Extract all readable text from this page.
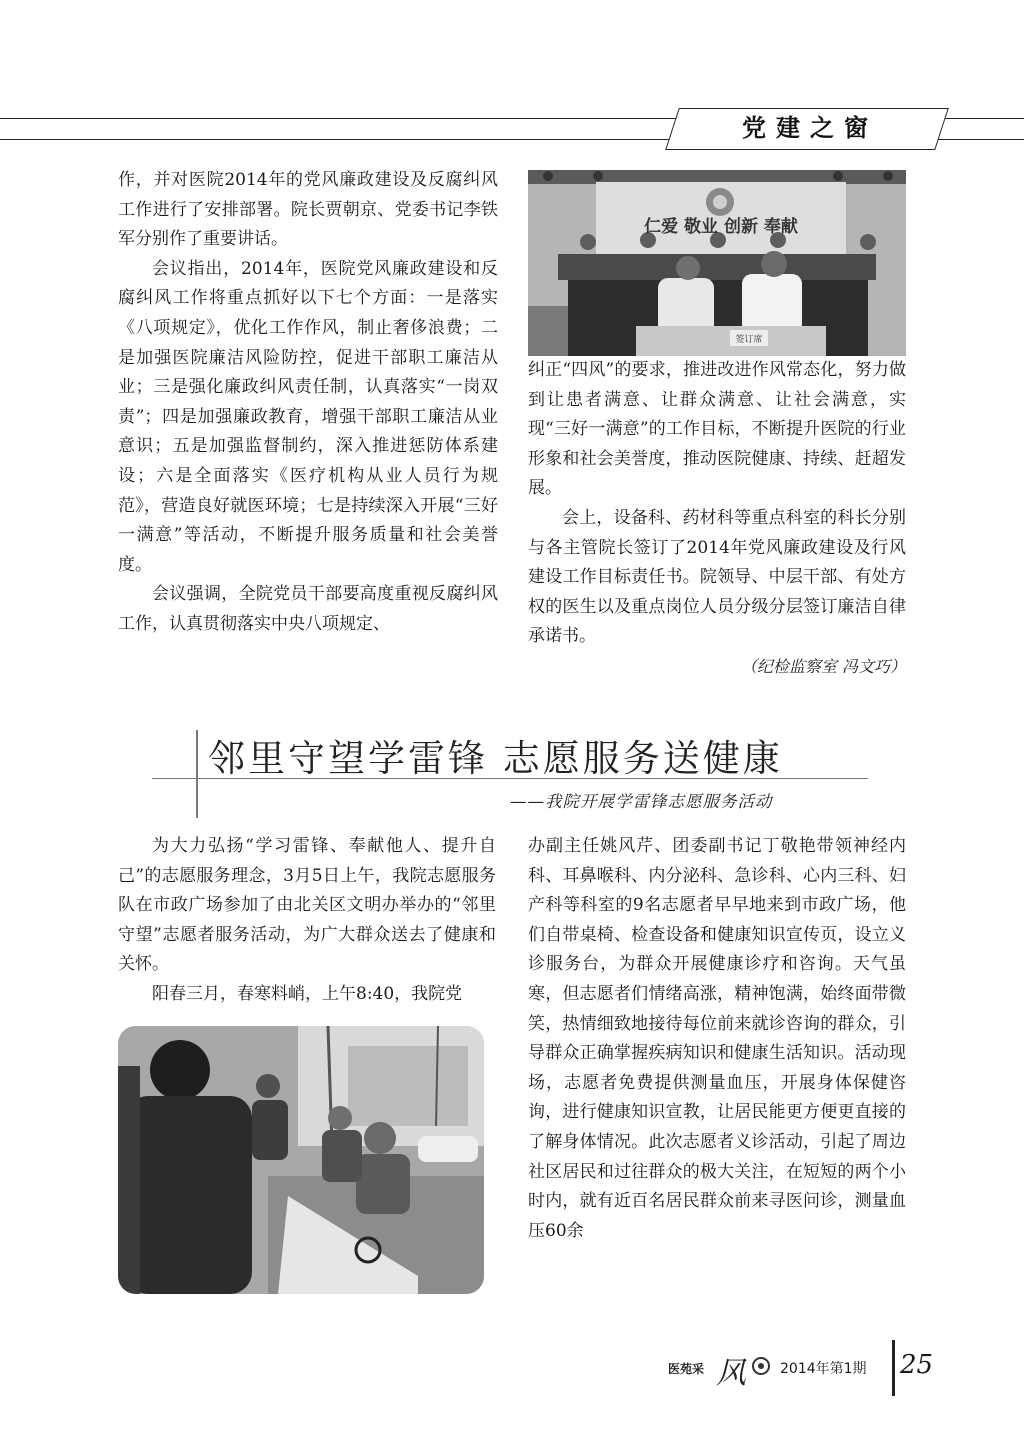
党建之窗

作，并对医院2014年的党风廉政建设及反腐纠风工作进行了安排部署。院长贾朝京、党委书记李铁军分别作了重要讲话。

会议指出，2014年，医院党风廉政建设和反腐纠风工作将重点抓好以下七个方面：一是落实《八项规定》，优化工作作风，制止奢侈浪费；二是加强医院廉洁风险防控，促进干部职工廉洁从业；三是强化廉政纠风责任制，认真落实“一岗双责”；四是加强廉政教育，增强干部职工廉洁从业意识；五是加强监督制约，深入推进惩防体系建设；六是全面落实《医疗机构从业人员行为规范》，营造良好就医环境；七是持续深入开展“三好一满意”等活动，不断提升服务质量和社会美誉度。

会议强调，全院党员干部要高度重视反腐纠风工作，认真贯彻落实中央八项规定、

仁爱 敬业 创新 奉献
签订席

纠正“四风”的要求，推进改进作风常态化，努力做到让患者满意、让群众满意、让社会满意，实现“三好一满意”的工作目标，不断提升医院的行业形象和社会美誉度，推动医院健康、持续、赶超发展。

会上，设备科、药材科等重点科室的科长分别与各主管院长签订了2014年党风廉政建设及行风建设工作目标责任书。院领导、中层干部、有处方权的医生以及重点岗位人员分级分层签订廉洁自律承诺书。

（纪检监察室 冯文巧）

邻里守望学雷锋 志愿服务送健康
——我院开展学雷锋志愿服务活动

为大力弘扬“学习雷锋、奉献他人、提升自己”的志愿服务理念，3月5日上午，我院志愿服务队在市政广场参加了由北关区文明办举办的“邻里守望”志愿者服务活动，为广大群众送去了健康和关怀。

阳春三月，春寒料峭，上午8:40，我院党

办副主任姚风芹、团委副书记丁敬艳带领神经内科、耳鼻喉科、内分泌科、急诊科、心内三科、妇产科等科室的9名志愿者早早地来到市政广场，他们自带桌椅、检查设备和健康知识宣传页，设立义诊服务台，为群众开展健康诊疗和咨询。天气虽寒，但志愿者们情绪高涨，精神饱满，始终面带微笑，热情细致地接待每位前来就诊咨询的群众，引导群众正确掌握疾病知识和健康生活知识。活动现场，志愿者免费提供测量血压，开展身体保健咨询，进行健康知识宣教，让居民能更方便更直接的了解身体情况。此次志愿者义诊活动，引起了周边社区居民和过往群众的极大关注，在短短的两个小时内，就有近百名居民群众前来寻医问诊，测量血压60余

医苑采 风 2014年第1期 25
